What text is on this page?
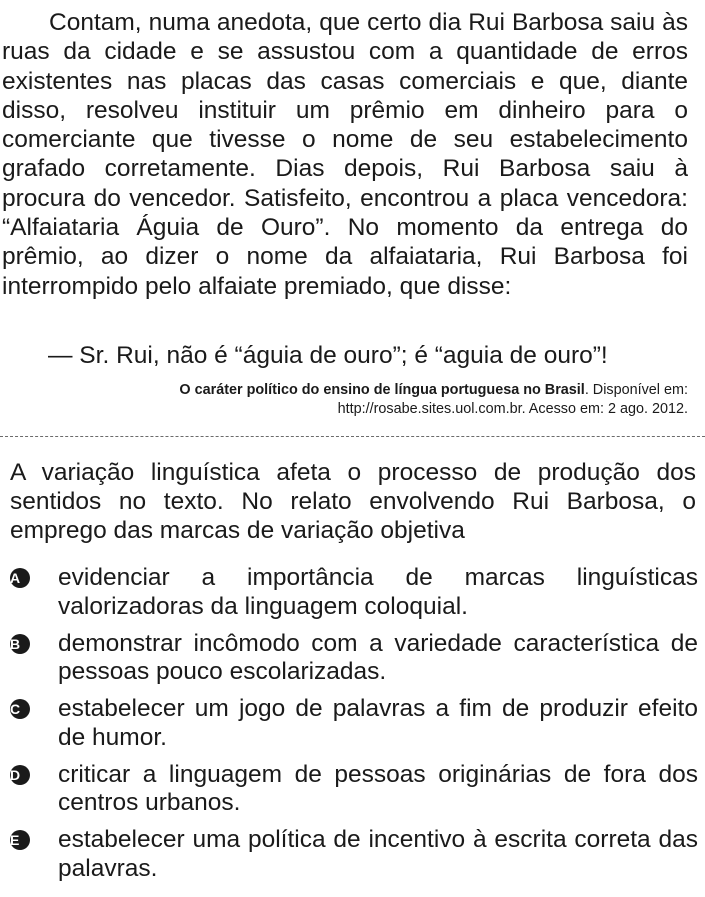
Contam, numa anedota, que certo dia Rui Barbosa saiu às ruas da cidade e se assustou com a quantidade de erros existentes nas placas das casas comerciais e que, diante disso, resolveu instituir um prêmio em dinheiro para o comerciante que tivesse o nome de seu estabelecimento grafado corretamente. Dias depois, Rui Barbosa saiu à procura do vencedor. Satisfeito, encontrou a placa vencedora: “Alfaiataria Águia de Ouro”. No momento da entrega do prêmio, ao dizer o nome da alfaiataria, Rui Barbosa foi interrompido pelo alfaiate premiado, que disse:

— Sr. Rui, não é “águia de ouro”; é “aguia de ouro”!
O caráter político do ensino de língua portuguesa no Brasil. Disponível em:
http://rosabe.sites.uol.com.br. Acesso em: 2 ago. 2012.
A variação linguística afeta o processo de produção dos sentidos no texto. No relato envolvendo Rui Barbosa, o emprego das marcas de variação objetiva
A	evidenciar a importância de marcas linguísticas valorizadoras da linguagem coloquial.
B	demonstrar incômodo com a variedade característica de pessoas pouco escolarizadas.
C	estabelecer um jogo de palavras a fim de produzir efeito de humor.
D	criticar a linguagem de pessoas originárias de fora dos centros urbanos.
E	estabelecer uma política de incentivo à escrita correta das palavras.
